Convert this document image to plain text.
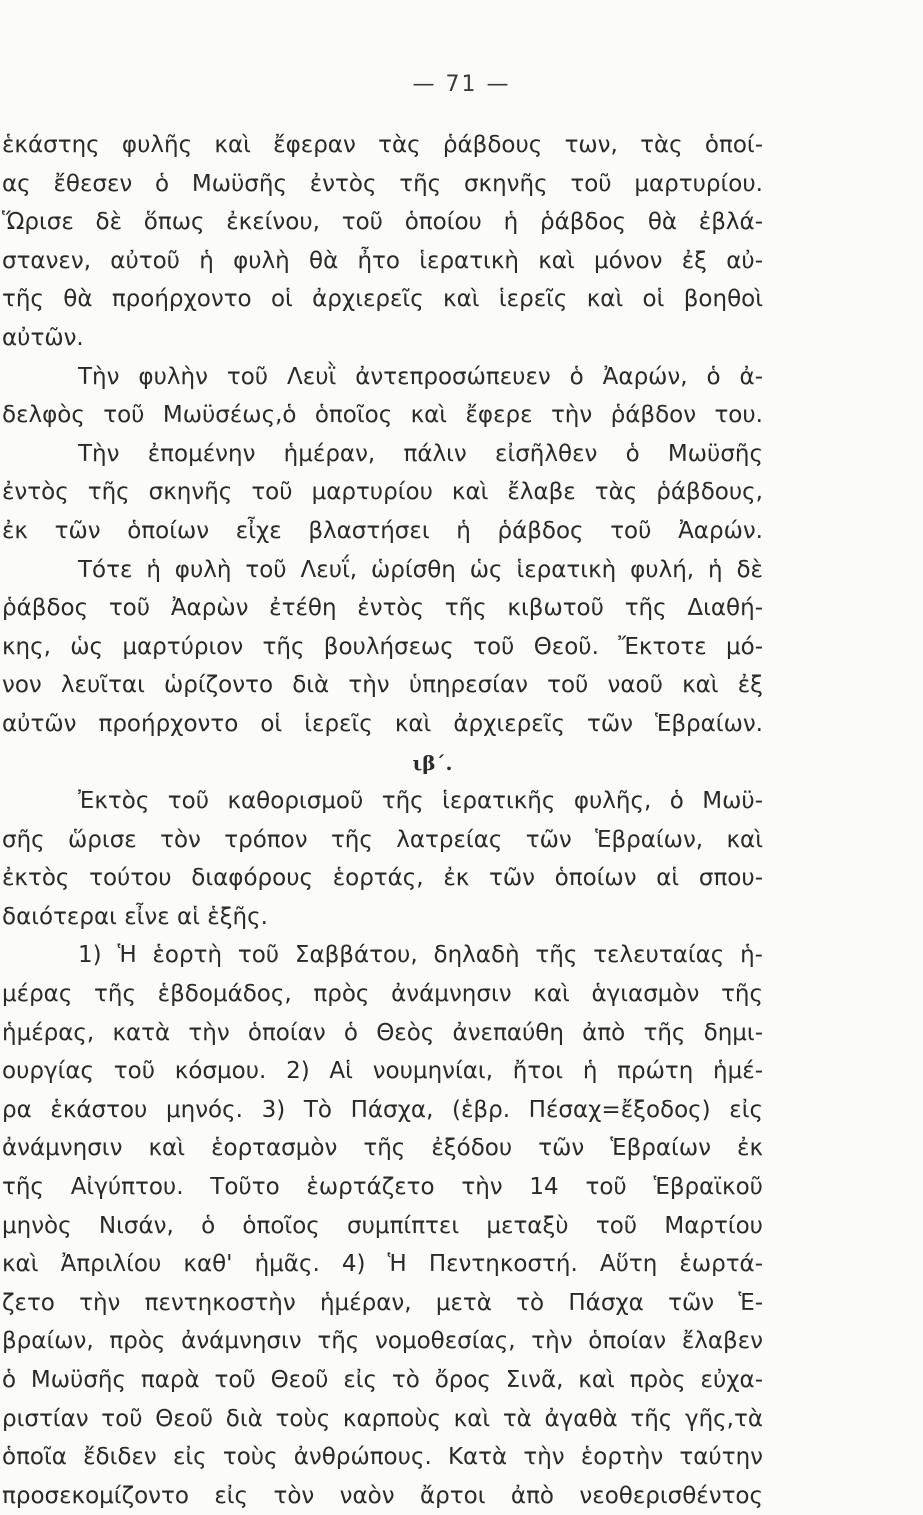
— 71 —
ἑκάστης φυλῆς καὶ ἔφεραν τὰς ῥάβδους των, τὰς ὁποί-
ας ἔθεσεν ὁ Μωϋσῆς ἐντὸς τῆς σκηνῆς τοῦ μαρτυρίου.
Ὥρισε δὲ ὅπως ἐκείνου, τοῦ ὁποίου ἡ ῥάβδος θὰ ἐβλά-
στανεν, αὐτοῦ ἡ φυλὴ θὰ ἦτο ἱερατικὴ καὶ μόνον ἐξ αὐ-
τῆς θὰ προήρχοντο οἱ ἀρχιερεῖς καὶ ἱερεῖς καὶ οἱ βοηθοὶ
αὐτῶν.
Τὴν φυλὴν τοῦ Λευῒ ἀντεπροσώπευεν ὁ Ἀαρών, ὁ ἀ-
δελφὸς τοῦ Μωϋσέως,ὁ ὁποῖος καὶ ἔφερε τὴν ῥάβδον του.
Τὴν ἐπομένην ἡμέραν, πάλιν εἰσῆλθεν ὁ Μωϋσῆς
ἐντὸς τῆς σκηνῆς τοῦ μαρτυρίου καὶ ἔλαβε τὰς ῥάβδους,
ἐκ τῶν ὁποίων εἶχε βλαστήσει ἡ ῥάβδος τοῦ Ἀαρών.
Τότε ἡ φυλὴ τοῦ Λευΐ, ὡρίσθη ὡς ἱερατικὴ φυλή, ἡ δὲ
ῥάβδος τοῦ Ἀαρὼν ἐτέθη ἐντὸς τῆς κιβωτοῦ τῆς Διαθή-
κης, ὡς μαρτύριον τῆς βουλήσεως τοῦ Θεοῦ. Ἔκτοτε μό-
νον λευῖται ὡρίζοντο διὰ τὴν ὑπηρεσίαν τοῦ ναοῦ καὶ ἐξ
αὐτῶν προήρχοντο οἱ ἱερεῖς καὶ ἀρχιερεῖς τῶν Ἑβραίων.
ιβ΄.
Ἐκτὸς τοῦ καθορισμοῦ τῆς ἱερατικῆς φυλῆς, ὁ Μωϋ-
σῆς ὥρισε τὸν τρόπον τῆς λατρείας τῶν Ἑβραίων, καὶ
ἐκτὸς τούτου διαφόρους ἑορτάς, ἐκ τῶν ὁποίων αἱ σπου-
δαιότεραι εἶνε αἱ ἑξῆς.
1) Ἡ ἑορτὴ τοῦ Σαββάτου, δηλαδὴ τῆς τελευταίας ἡ-
μέρας τῆς ἑβδομάδος, πρὸς ἀνάμνησιν καὶ ἁγιασμὸν τῆς
ἡμέρας, κατὰ τὴν ὁποίαν ὁ Θεὸς ἀνεπαύθη ἀπὸ τῆς δημι-
ουργίας τοῦ κόσμου. 2) Αἱ νουμηνίαι, ἤτοι ἡ πρώτη ἡμέ-
ρα ἑκάστου μηνός. 3) Τὸ Πάσχα, (ἑβρ. Πέσαχ=ἔξοδος) εἰς
ἀνάμνησιν καὶ ἑορτασμὸν τῆς ἐξόδου τῶν Ἑβραίων ἐκ
τῆς Αἰγύπτου. Τοῦτο ἑωρτάζετο τὴν 14 τοῦ Ἑβραϊκοῦ
μηνὸς Νισάν, ὁ ὁποῖος συμπίπτει μεταξὺ τοῦ Μαρτίου
καὶ Ἀπριλίου καθ' ἡμᾶς. 4) Ἡ Πεντηκοστή. Αὕτη ἑωρτά-
ζετο τὴν πεντηκοστὴν ἡμέραν, μετὰ τὸ Πάσχα τῶν Ἑ-
βραίων, πρὸς ἀνάμνησιν τῆς νομοθεσίας, τὴν ὁποίαν ἔλαβεν
ὁ Μωϋσῆς παρὰ τοῦ Θεοῦ εἰς τὸ ὄρος Σινᾶ, καὶ πρὸς εὐχα-
ριστίαν τοῦ Θεοῦ διὰ τοὺς καρποὺς καὶ τὰ ἀγαθὰ τῆς γῆς,τὰ
ὁποῖα ἔδιδεν εἰς τοὺς ἀνθρώπους. Κατὰ τὴν ἑορτὴν ταύτην
προσεκομίζοντο εἰς τὸν ναὸν ἄρτοι ἀπὸ νεοθερισθέντος
